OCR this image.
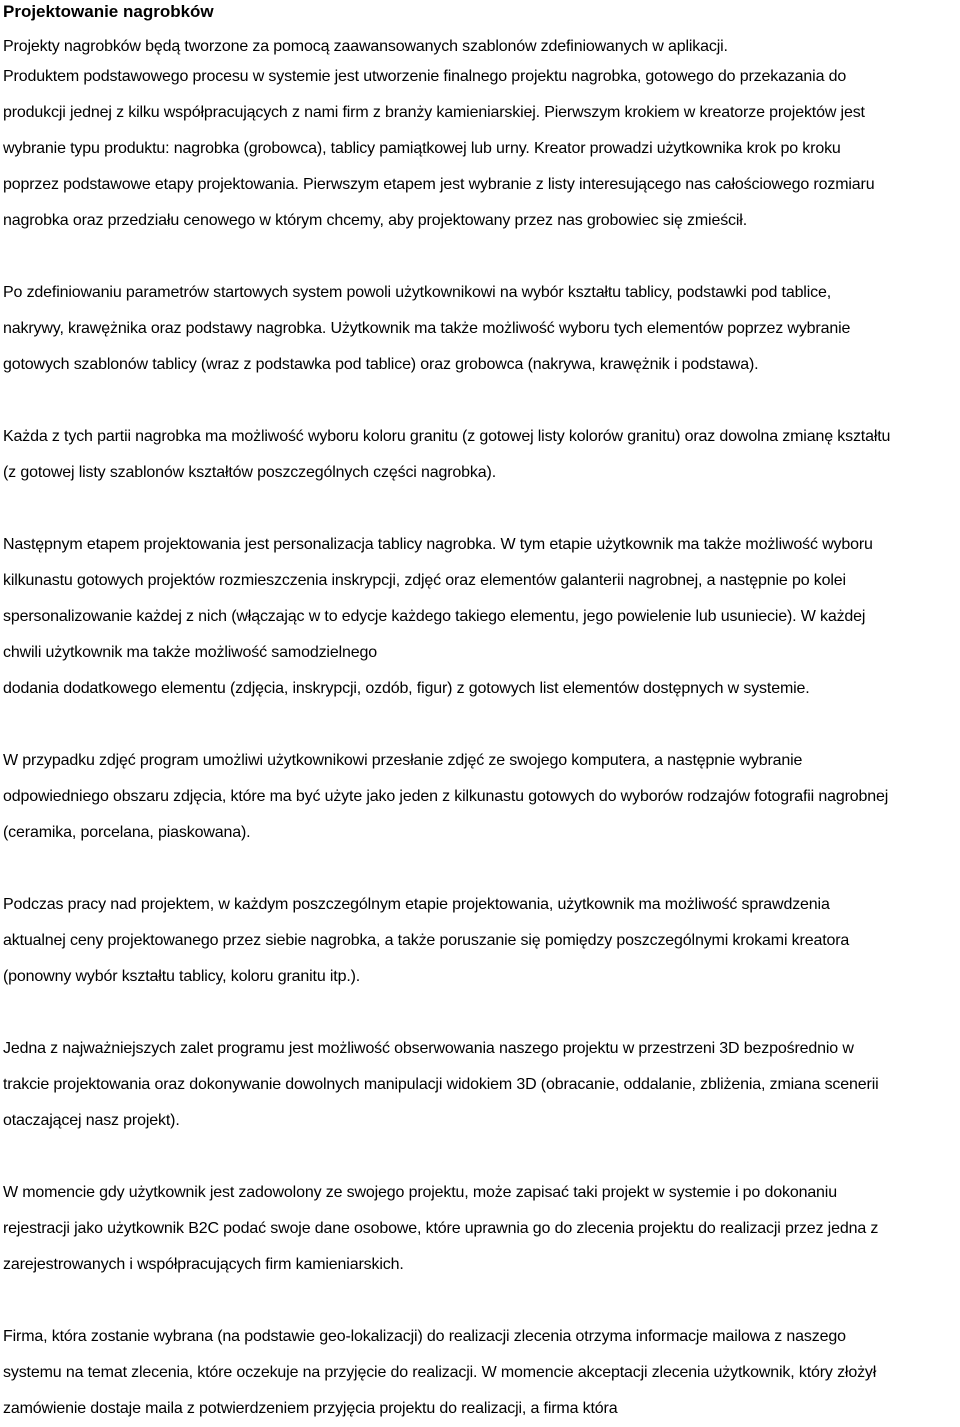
Projektowanie nagrobków

Projekty nagrobków będą tworzone za pomocą zaawansowanych szablonów zdefiniowanych w aplikacji.

Produktem podstawowego procesu w systemie jest utworzenie finalnego projektu nagrobka, gotowego do przekazania do

produkcji jednej z kilku współpracujących z nami firm z branży kamieniarskiej. Pierwszym krokiem w kreatorze projektów jest

wybranie typu produktu: nagrobka (grobowca), tablicy pamiątkowej lub urny. Kreator prowadzi użytkownika krok po kroku

poprzez podstawowe etapy projektowania. Pierwszym etapem jest wybranie z listy interesującego nas całościowego rozmiaru

nagrobka oraz przedziału cenowego w którym chcemy, aby projektowany przez nas grobowiec się zmieścił.

Po zdefiniowaniu parametrów startowych system powoli użytkownikowi na wybór kształtu tablicy, podstawki pod tablice,

nakrywy, krawężnika oraz podstawy nagrobka. Użytkownik ma także możliwość wyboru tych elementów poprzez wybranie

gotowych szablonów tablicy (wraz z podstawka pod tablice) oraz grobowca (nakrywa, krawężnik i podstawa).

Każda z tych partii nagrobka ma możliwość wyboru koloru granitu (z gotowej listy kolorów granitu) oraz dowolna zmianę kształtu

(z gotowej listy szablonów kształtów poszczególnych części nagrobka).

Następnym etapem projektowania jest personalizacja tablicy nagrobka. W tym etapie użytkownik ma także możliwość wyboru

kilkunastu gotowych projektów rozmieszczenia inskrypcji, zdjęć oraz elementów galanterii nagrobnej, a następnie po kolei

spersonalizowanie każdej z nich (włączając w to edycje każdego takiego elementu, jego powielenie lub usuniecie). W każdej

chwili użytkownik ma także możliwość samodzielnego

dodania dodatkowego elementu (zdjęcia, inskrypcji, ozdób, figur) z gotowych list elementów dostępnych w systemie.

W przypadku zdjęć program umożliwi użytkownikowi przesłanie zdjęć ze swojego komputera, a następnie wybranie

odpowiedniego obszaru zdjęcia, które ma być użyte jako jeden z kilkunastu gotowych do wyborów rodzajów fotografii nagrobnej

(ceramika, porcelana, piaskowana).

Podczas pracy nad projektem, w każdym poszczególnym etapie projektowania, użytkownik ma możliwość sprawdzenia

aktualnej ceny projektowanego przez siebie nagrobka, a także poruszanie się pomiędzy poszczególnymi krokami kreatora

(ponowny wybór kształtu tablicy, koloru granitu itp.).

Jedna z najważniejszych zalet programu jest możliwość obserwowania naszego projektu w przestrzeni 3D bezpośrednio w

trakcie projektowania oraz dokonywanie dowolnych manipulacji widokiem 3D (obracanie, oddalanie, zbliżenia, zmiana scenerii

otaczającej nasz projekt).

W momencie gdy użytkownik jest zadowolony ze swojego projektu, może zapisać taki projekt w systemie i po dokonaniu

rejestracji jako użytkownik B2C podać swoje dane osobowe, które uprawnia go do zlecenia projektu do realizacji przez jedna z

zarejestrowanych i współpracujących firm kamieniarskich.

Firma, która zostanie wybrana (na podstawie geo-lokalizacji) do realizacji zlecenia otrzyma informacje mailowa z naszego

systemu na temat zlecenia, które oczekuje na przyjęcie do realizacji. W momencie akceptacji zlecenia użytkownik, który złożył

zamówienie dostaje maila z potwierdzeniem przyjęcia projektu do realizacji, a firma która
